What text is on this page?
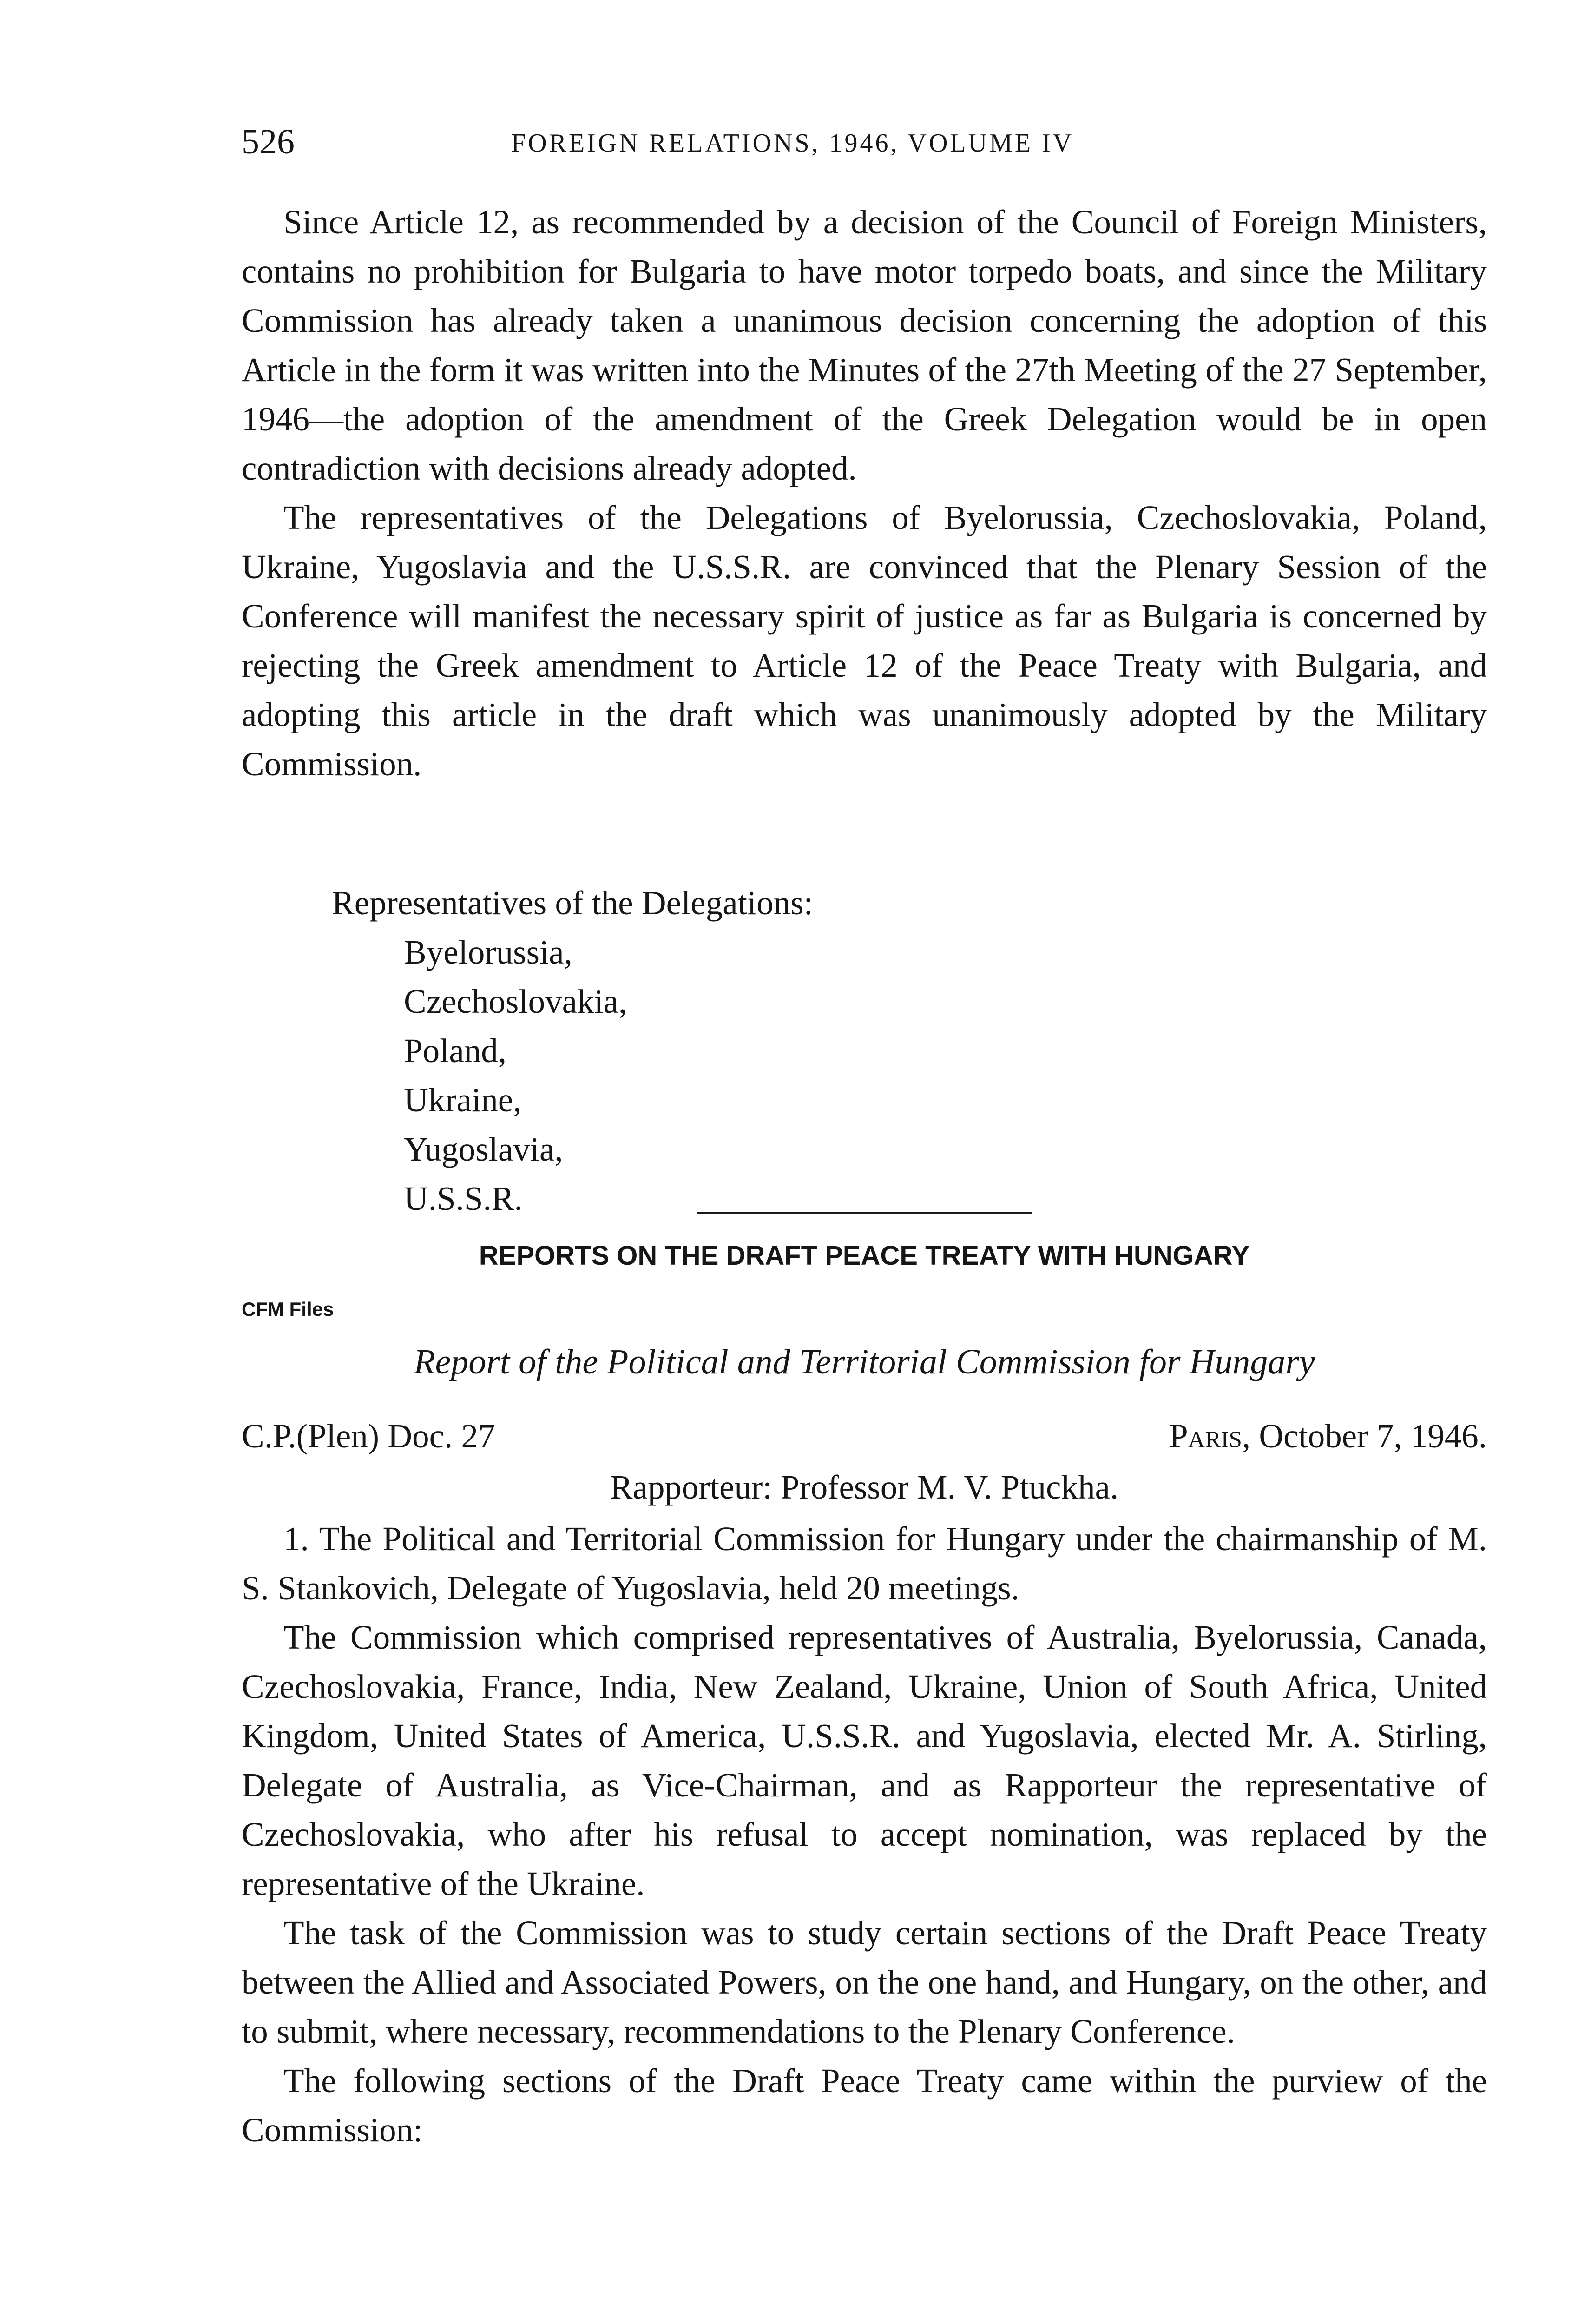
526	FOREIGN RELATIONS, 1946, VOLUME IV

Since Article 12, as recommended by a decision of the Council of Foreign Ministers, contains no prohibition for Bulgaria to have motor torpedo boats, and since the Military Commission has already taken a unanimous decision concerning the adoption of this Article in the form it was written into the Minutes of the 27th Meeting of the 27 September, 1946—the adoption of the amendment of the Greek Delegation would be in open contradiction with decisions already adopted.

The representatives of the Delegations of Byelorussia, Czechoslovakia, Poland, Ukraine, Yugoslavia and the U.S.S.R. are convinced that the Plenary Session of the Conference will manifest the necessary spirit of justice as far as Bulgaria is concerned by rejecting the Greek amendment to Article 12 of the Peace Treaty with Bulgaria, and adopting this article in the draft which was unanimously adopted by the Military Commission.

Representatives of the Delegations:

Byelorussia,
Czechoslovakia,
Poland,
Ukraine,
Yugoslavia,
U.S.S.R.
REPORTS ON THE DRAFT PEACE TREATY WITH HUNGARY
CFM Files
Report of the Political and Territorial Commission for Hungary
C.P.(Plen) Doc. 27	Paris, October 7, 1946.
Rapporteur: Professor M. V. Ptuckha.

1. The Political and Territorial Commission for Hungary under the chairmanship of M. S. Stankovich, Delegate of Yugoslavia, held 20 meetings.

The Commission which comprised representatives of Australia, Byelorussia, Canada, Czechoslovakia, France, India, New Zealand, Ukraine, Union of South Africa, United Kingdom, United States of America, U.S.S.R. and Yugoslavia, elected Mr. A. Stirling, Delegate of Australia, as Vice-Chairman, and as Rapporteur the representative of Czechoslovakia, who after his refusal to accept nomination, was replaced by the representative of the Ukraine.

The task of the Commission was to study certain sections of the Draft Peace Treaty between the Allied and Associated Powers, on the one hand, and Hungary, on the other, and to submit, where necessary, recommendations to the Plenary Conference.

The following sections of the Draft Peace Treaty came within the purview of the Commission:
